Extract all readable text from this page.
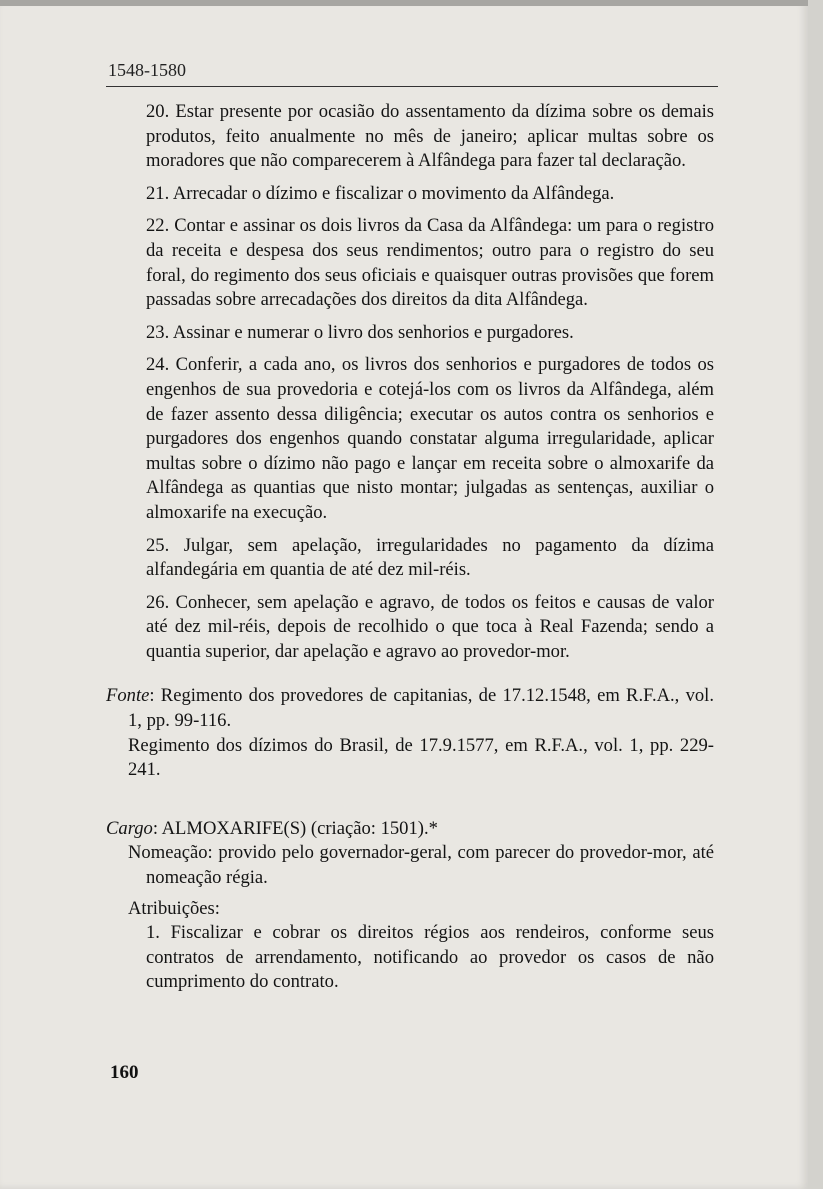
1548-1580
20. Estar presente por ocasião do assentamento da dízima sobre os demais produtos, feito anualmente no mês de janeiro; aplicar multas sobre os moradores que não comparecerem à Alfândega para fazer tal declaração.
21. Arrecadar o dízimo e fiscalizar o movimento da Alfândega.
22. Contar e assinar os dois livros da Casa da Alfândega: um para o registro da receita e despesa dos seus rendimentos; outro para o registro do seu foral, do regimento dos seus oficiais e quaisquer outras provisões que forem passadas sobre arrecadações dos direitos da dita Alfândega.
23. Assinar e numerar o livro dos senhorios e purgadores.
24. Conferir, a cada ano, os livros dos senhorios e purgadores de todos os engenhos de sua provedoria e cotejá-los com os livros da Alfândega, além de fazer assento dessa diligência; executar os autos contra os senhorios e purgadores dos engenhos quando constatar alguma irregularidade, aplicar multas sobre o dízimo não pago e lançar em receita sobre o almoxarife da Alfândega as quantias que nisto montar; julgadas as sentenças, auxiliar o almoxarife na execução.
25. Julgar, sem apelação, irregularidades no pagamento da dízima alfandegária em quantia de até dez mil-réis.
26. Conhecer, sem apelação e agravo, de todos os feitos e causas de valor até dez mil-réis, depois de recolhido o que toca à Real Fazenda; sendo a quantia superior, dar apelação e agravo ao provedor-mor.
Fonte: Regimento dos provedores de capitanias, de 17.12.1548, em R.F.A., vol. 1, pp. 99-116.
Regimento dos dízimos do Brasil, de 17.9.1577, em R.F.A., vol. 1, pp. 229-241.
Cargo: ALMOXARIFE(S) (criação: 1501).*
Nomeação: provido pelo governador-geral, com parecer do provedor-mor, até nomeação régia.
Atribuições:
1. Fiscalizar e cobrar os direitos régios aos rendeiros, conforme seus contratos de arrendamento, notificando ao provedor os casos de não cumprimento do contrato.
160
